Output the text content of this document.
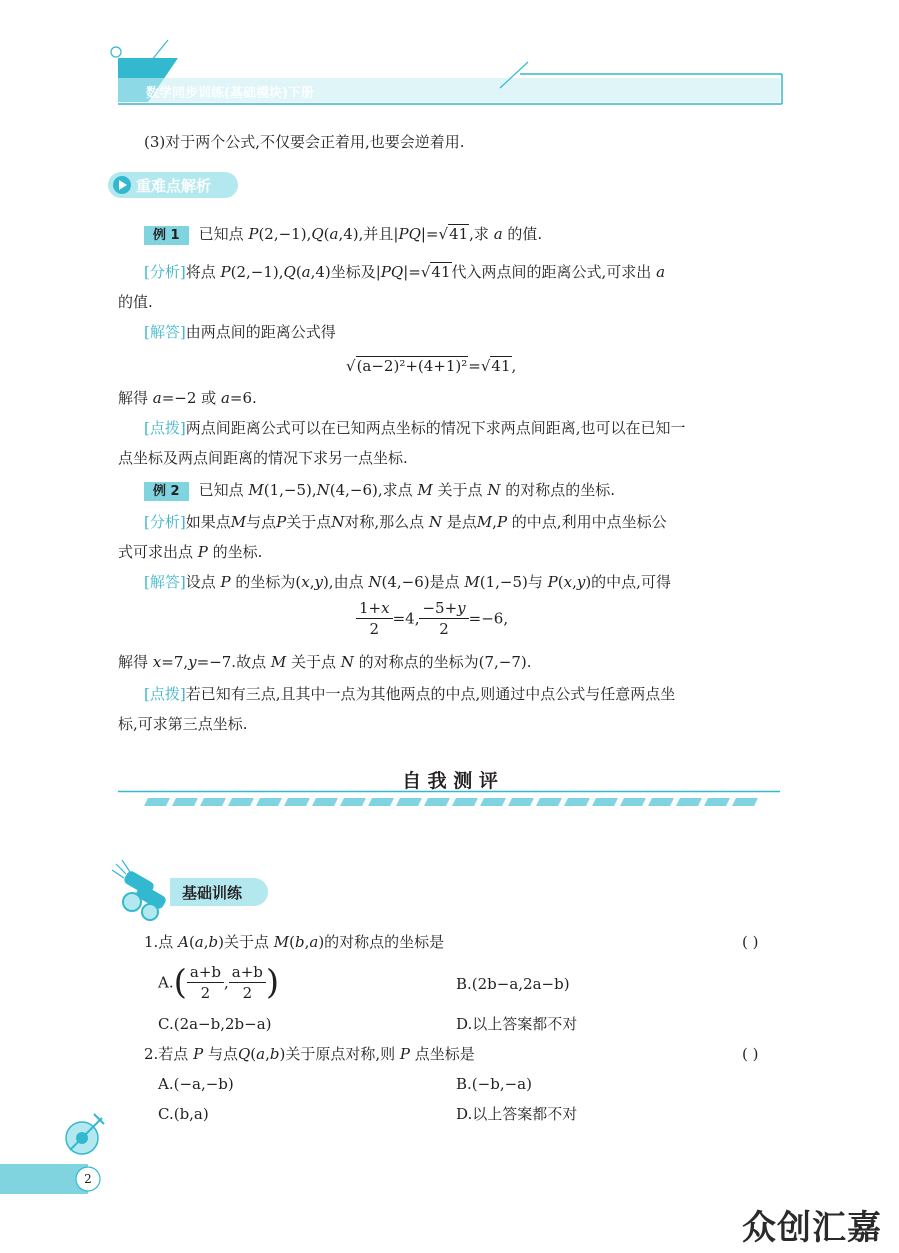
数学同步训练(基础模块)下册
(3)对于两个公式,不仅要会正着用,也要会逆着用.
重难点解析
例 1 已知点 P(2,−1),Q(a,4),并且|PQ|=√41,求 a 的值.
[分析]将点 P(2,−1),Q(a,4)坐标及|PQ|=√41代入两点间的距离公式,可求出 a
的值.
[解答]由两点间的距离公式得
√(a−2)²+(4+1)²=√41,
解得 a=−2 或 a=6.
[点拨]两点间距离公式可以在已知两点坐标的情况下求两点间距离,也可以在已知一
点坐标及两点间距离的情况下求另一点坐标.
例 2 已知点 M(1,−5),N(4,−6),求点 M 关于点 N 的对称点的坐标.
[分析]如果点M与点P关于点N对称,那么点 N 是点M,P 的中点,利用中点坐标公
式可求出点 P 的坐标.
[解答]设点 P 的坐标为(x,y),由点 N(4,−6)是点 M(1,−5)与 P(x,y)的中点,可得
$\frac{1+x}{2} =4$, $\frac{-5+y}{2} =-6$,
解得 x=7,y=−7.故点 M 关于点 N 的对称点的坐标为(7,−7).
[点拨]若已知有三点,且其中一点为其他两点的中点,则通过中点公式与任意两点坐
标,可求第三点坐标.
自 我 测 评
基础训练
1.点 A(a,b)关于点 M(b,a)的对称点的坐标是	( )
$A.( \frac{a+b}{2}$ , $\frac{a+b}{2}$ )	B.(2b−a,2a−b)
C.(2a−b,2b−a)	D.以上答案都不对
2.若点 P 与点Q(a,b)关于原点对称,则 P 点坐标是	( )
A.(−a,−b)	B.(−b,−a)
C.(b,a)	D.以上答案都不对
2
众创汇嘉
